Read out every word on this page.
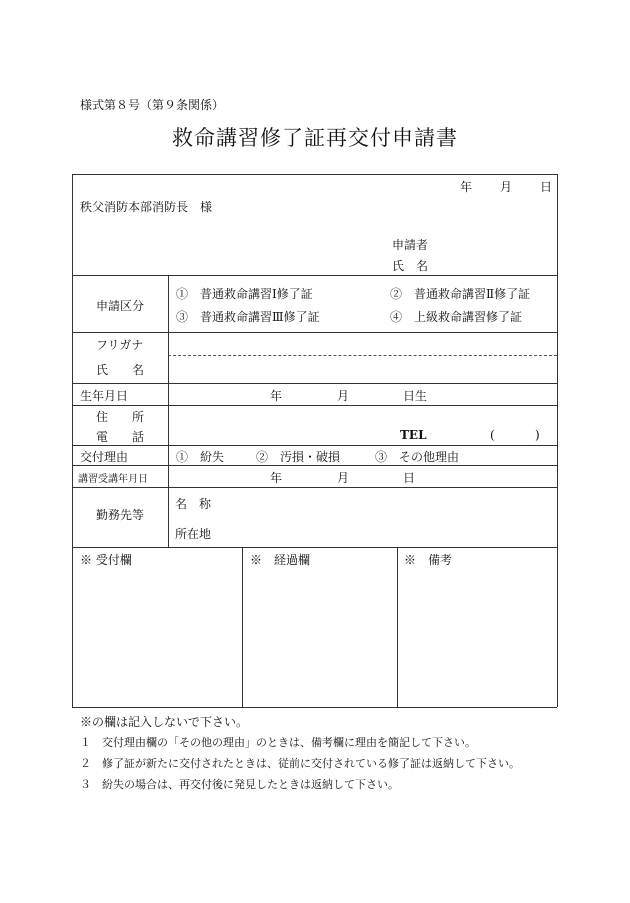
様式第８号（第９条関係）
救命講習修了証再交付申請書
年 月 日
秩父消防本部消防長　様
申請者
氏　名
申請区分
①　普通救命講習Ⅰ修了証	②　普通救命講習Ⅱ修了証
③　普通救命講習Ⅲ修了証	④　上級救命講習修了証
フリガナ
氏　　名
生年月日	年	月	日生
住　　所
電　　話	TEL	(	)
交付理由	①　紛失	②　汚損・破損	③　その他理由
講習受講年月日	年	月	日
勤務先等
名　称
所在地
※ 受付欄	※　経過欄	※　備考
※の欄は記入しないで下さい。
１　交付理由欄の「その他の理由」のときは、備考欄に理由を簡記して下さい。
２　修了証が新たに交付されたときは、従前に交付されている修了証は返納して下さい。
３　紛失の場合は、再交付後に発見したときは返納して下さい。
